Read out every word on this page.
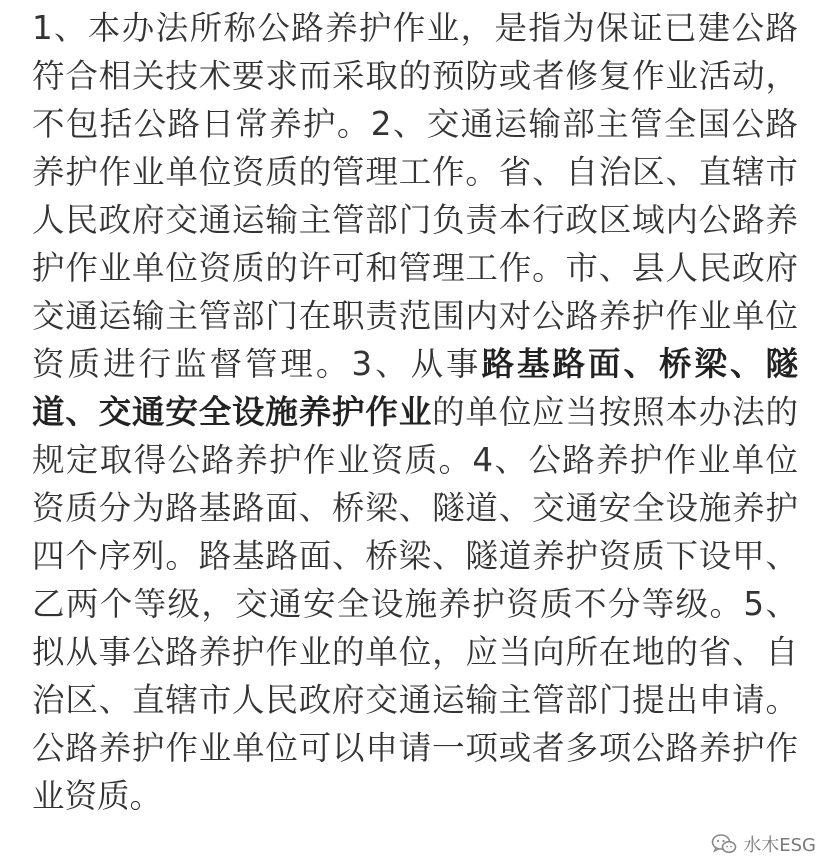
1、本办法所称公路养护作业，是指为保证已建公路符合相关技术要求而采取的预防或者修复作业活动，不包括公路日常养护。2、交通运输部主管全国公路养护作业单位资质的管理工作。省、自治区、直辖市人民政府交通运输主管部门负责本行政区域内公路养护作业单位资质的许可和管理工作。市、县人民政府交通运输主管部门在职责范围内对公路养护作业单位资质进行监督管理。3、从事路基路面、桥梁、隧道、交通安全设施养护作业的单位应当按照本办法的规定取得公路养护作业资质。4、公路养护作业单位资质分为路基路面、桥梁、隧道、交通安全设施养护四个序列。路基路面、桥梁、隧道养护资质下设甲、乙两个等级，交通安全设施养护资质不分等级。5、拟从事公路养护作业的单位，应当向所在地的省、自治区、直辖市人民政府交通运输主管部门提出申请。公路养护作业单位可以申请一项或者多项公路养护作业资质。

水木ESG
